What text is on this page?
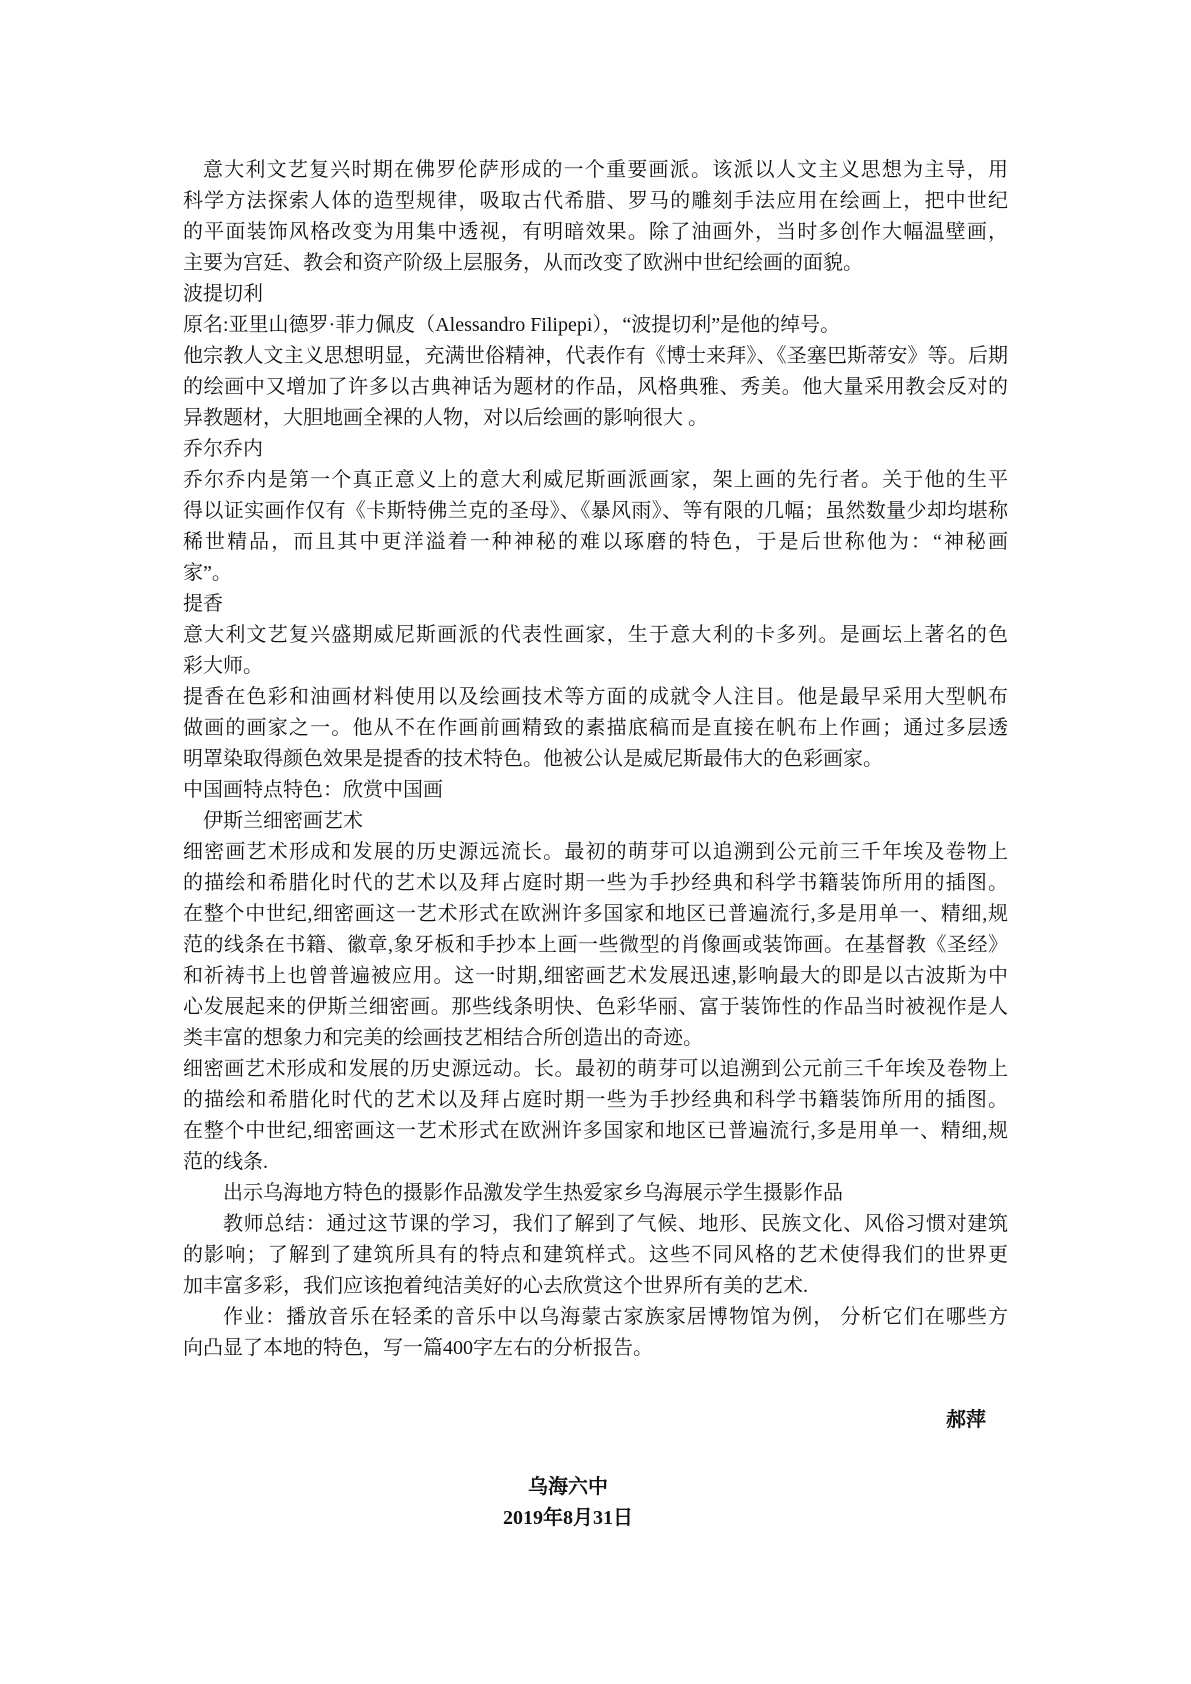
意大利文艺复兴时期在佛罗伦萨形成的一个重要画派。该派以人文主义思想为主导，用
科学方法探索人体的造型规律，吸取古代希腊、罗马的雕刻手法应用在绘画上，把中世纪
的平面装饰风格改变为用集中透视，有明暗效果。除了油画外，当时多创作大幅温壁画，
主要为宫廷、教会和资产阶级上层服务，从而改变了欧洲中世纪绘画的面貌。
波提切利
原名:亚里山德罗·菲力佩皮（Alessandro Filipepi），“波提切利”是他的绰号。
他宗教人文主义思想明显，充满世俗精神，代表作有《博士来拜》、《圣塞巴斯蒂安》等。后期
的绘画中又增加了许多以古典神话为题材的作品，风格典雅、秀美。他大量采用教会反对的
异教题材，大胆地画全裸的人物，对以后绘画的影响很大 。
乔尔乔内
乔尔乔内是第一个真正意义上的意大利威尼斯画派画家，架上画的先行者。关于他的生平
得以证实画作仅有《卡斯特佛兰克的圣母》、《暴风雨》、等有限的几幅；虽然数量少却均堪称
稀世精品，而且其中更洋溢着一种神秘的难以琢磨的特色，于是后世称他为：“神秘画
家”。
提香
意大利文艺复兴盛期威尼斯画派的代表性画家，生于意大利的卡多列。是画坛上著名的色
彩大师。
提香在色彩和油画材料使用以及绘画技术等方面的成就令人注目。他是最早采用大型帆布
做画的画家之一。他从不在作画前画精致的素描底稿而是直接在帆布上作画；通过多层透
明罩染取得颜色效果是提香的技术特色。他被公认是威尼斯最伟大的色彩画家。
中国画特点特色：欣赏中国画
伊斯兰细密画艺术
细密画艺术形成和发展的历史源远流长。最初的萌芽可以追溯到公元前三千年埃及卷物上
的描绘和希腊化时代的艺术以及拜占庭时期一些为手抄经典和科学书籍装饰所用的插图。
在整个中世纪,细密画这一艺术形式在欧洲许多国家和地区已普遍流行,多是用单一、精细,规
范的线条在书籍、徽章,象牙板和手抄本上画一些微型的肖像画或装饰画。在基督教《圣经》
和祈祷书上也曾普遍被应用。这一时期,细密画艺术发展迅速,影响最大的即是以古波斯为中
心发展起来的伊斯兰细密画。那些线条明快、色彩华丽、富于装饰性的作品当时被视作是人
类丰富的想象力和完美的绘画技艺相结合所创造出的奇迹。
细密画艺术形成和发展的历史源远动。长。最初的萌芽可以追溯到公元前三千年埃及卷物上
的描绘和希腊化时代的艺术以及拜占庭时期一些为手抄经典和科学书籍装饰所用的插图。
在整个中世纪,细密画这一艺术形式在欧洲许多国家和地区已普遍流行,多是用单一、精细,规
范的线条.
出示乌海地方特色的摄影作品激发学生热爱家乡乌海展示学生摄影作品
教师总结：通过这节课的学习，我们了解到了气候、地形、民族文化、风俗习惯对建筑
的影响；了解到了建筑所具有的特点和建筑样式。这些不同风格的艺术使得我们的世界更
加丰富多彩，我们应该抱着纯洁美好的心去欣赏这个世界所有美的艺术.
作业：播放音乐在轻柔的音乐中以乌海蒙古家族家居博物馆为例， 分析它们在哪些方
向凸显了本地的特色，写一篇400字左右的分析报告。
郝萍
乌海六中
2019年8月31日
